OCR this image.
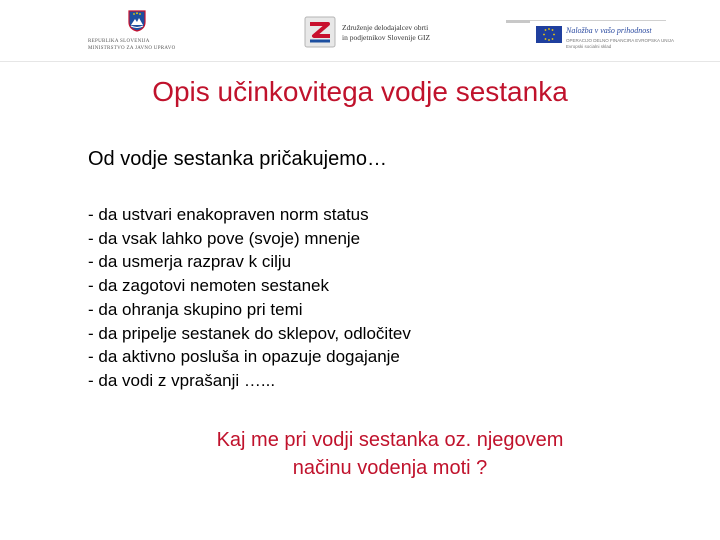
REPUBLIKA SLOVENIJA
MINISTRSTVO ZA JAVNO UPRAVO
Združenje delodajalcev obrti
in podjetnikov Slovenije GIZ
Naložba v vašo prihodnost
OPERACIJO DELNO FINANCIRA EVROPSKA UNIJA
Evropski socialni sklad
Opis učinkovitega vodje sestanka
Od vodje sestanka pričakujemo…
- da ustvari enakopraven norm status
- da vsak lahko pove (svoje) mnenje
- da usmerja razprav k cilju
- da zagotovi nemoten sestanek
- da ohranja skupino pri temi
- da pripelje sestanek do sklepov, odločitev
- da aktivno posluša in opazuje dogajanje
- da vodi z vprašanji …...
Kaj me pri vodji sestanka oz. njegovem
načinu vodenja moti ?
